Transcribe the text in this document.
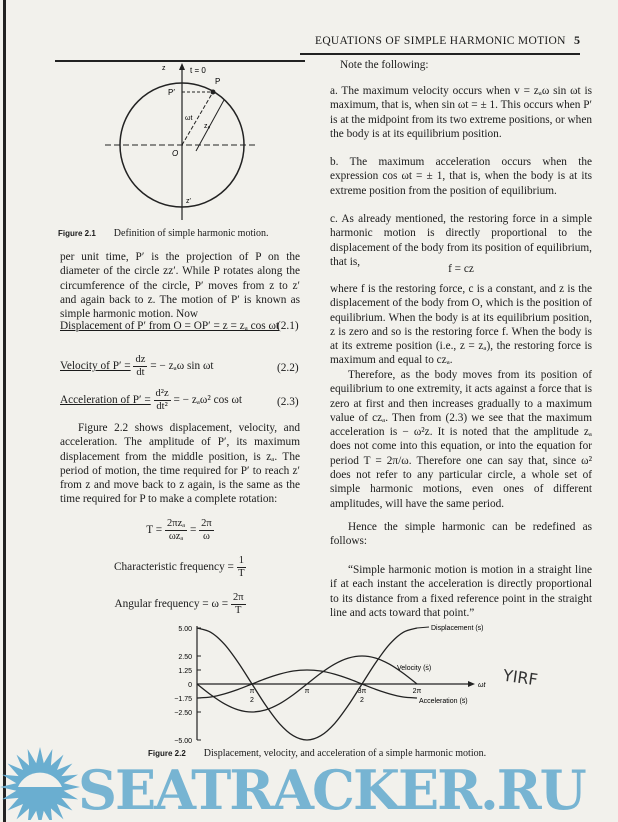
EQUATIONS OF SIMPLE HARMONIC MOTION 5
z	t = 0
P
P′
ωt
z₀
O
z′
Figure 2.1 Definition of simple harmonic motion.
per unit time, P′ is the projection of P on the diameter of the circle zz′. While P rotates along the circumference of the circle, P′ moves from z to z′ and again back to z. The motion of P′ is known as simple harmonic motion. Now
Displacement of P′ from O = OP′ = z = zₐ cos ωt
(2.1)
Velocity of $P' = \frac{dz}{dt}$ = − zₐω sin ωt	(2.2)
Acceleration of $P' = \frac{\text{d²z}}{\text{dt²}}$ = − zₐω² cos ωt	(2.3)
Figure 2.2 shows displacement, velocity, and acceleration. The amplitude of P′, its maximum displacement from the middle position, is zₐ. The period of motion, the time required for P′ to reach z′ from z and move back to z again, is the same as the time required for P to make a complete rotation:
$T = \frac{\text{2πzₐ}}{\text{ωzₐ}} = \frac{2\pi}{\omega}$
Characteristic frequency = $\frac{1}{T}$
Angular frequency = $\omega = \frac{2\pi}{T}$
Note the following:
a. The maximum velocity occurs when v = zₐω sin ωt is maximum, that is, when sin ωt = ± 1. This occurs when P′ is at the midpoint from its two extreme positions, or when the body is at its equilibrium position.
b. The maximum acceleration occurs when the expression cos ωt = ± 1, that is, when the body is at its extreme position from the position of equilibrium.
c. As already mentioned, the restoring force in a simple harmonic motion is directly proportional to the displacement of the body from its position of equilibrium, that is,
f = cz
where f is the restoring force, c is a constant, and z is the displacement of the body from O, which is the position of equilibrium. When the body is at its equilibrium position, z is zero and so is the restoring force f. When the body is at its extreme position (i.e., z = zₐ), the restoring force is maximum and equal to czₐ.
Therefore, as the body moves from its position of equilibrium to one extremity, it acts against a force that is zero at first and then increases gradually to a maximum value of czₐ. Then from (2.3) we see that the maximum acceleration is − ω²z. It is noted that the amplitude zₐ does not come into this equation, or into the equation for period T = 2π/ω. Therefore one can say that, since ω² does not refer to any particular circle, a whole set of simple harmonic motions, even ones of different amplitudes, will have the same period.
Hence the simple harmonic can be redefined as follows:
“Simple harmonic motion is motion in a straight line if at each instant the acceleration is directly proportional to its distance from a fixed reference point in the straight line and acts toward that point.”
ωt
5.00
2.50
1.25
0
−1.75
−2.50
−5.00
π
2
π	3π
2
2π
Displacement (s)
Velocity (ṡ)
Acceleration (s̈)
Figure 2.2 Displacement, velocity, and acceleration of a simple harmonic motion.
YIRF
SEATRACKER.RU
